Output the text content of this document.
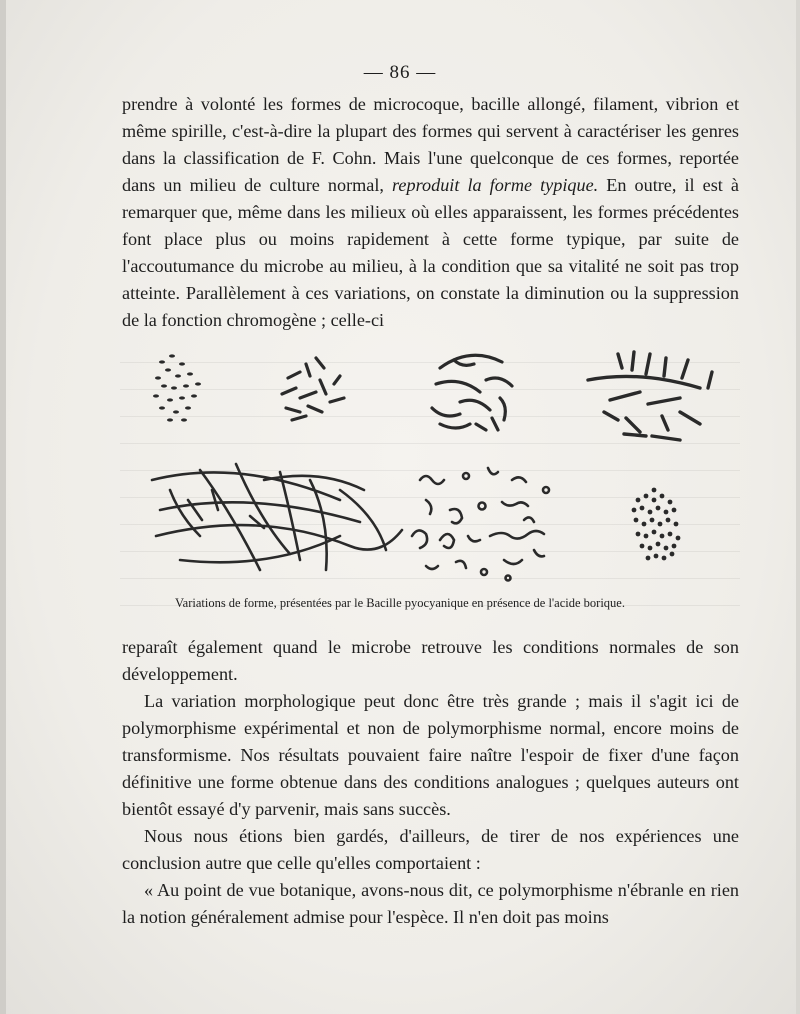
— 86 —

prendre à volonté les formes de microcoque, bacille allongé, filament, vibrion et même spirille, c'est-à-dire la plupart des formes qui servent à caractériser les genres dans la classification de F. Cohn. Mais l'une quelconque de ces formes, reportée dans un milieu de culture normal, reproduit la forme typique. En outre, il est à remarquer que, même dans les milieux où elles apparaissent, les formes précédentes font place plus ou moins rapidement à cette forme typique, par suite de l'accoutumance du microbe au milieu, à la condition que sa vitalité ne soit pas trop atteinte. Parallèlement à ces variations, on constate la diminution ou la suppression de la fonction chromogène ; celle-ci

Variations de forme, présentées par le Bacille pyocyanique en présence de l'acide borique.

reparaît également quand le microbe retrouve les conditions normales de son développement.

La variation morphologique peut donc être très grande ; mais il s'agit ici de polymorphisme expérimental et non de polymorphisme normal, encore moins de transformisme. Nos résultats pouvaient faire naître l'espoir de fixer d'une façon définitive une forme obtenue dans des conditions analogues ; quelques auteurs ont bientôt essayé d'y parvenir, mais sans succès.

Nous nous étions bien gardés, d'ailleurs, de tirer de nos expériences une conclusion autre que celle qu'elles comportaient :

« Au point de vue botanique, avons-nous dit, ce polymorphisme n'ébranle en rien la notion généralement admise pour l'espèce. Il n'en doit pas moins
